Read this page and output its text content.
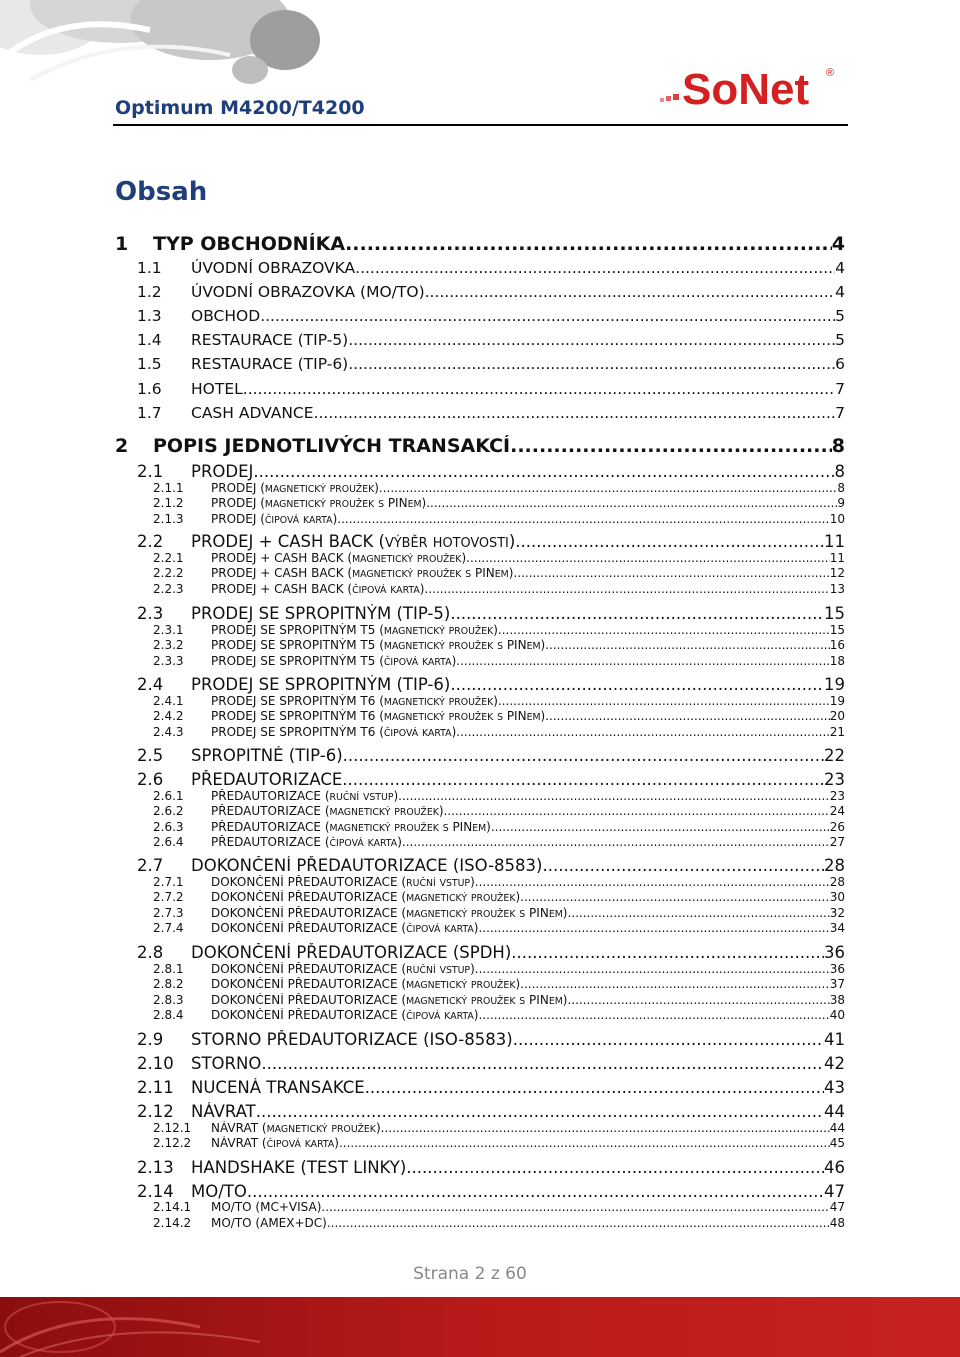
Optimum M4200/T4200	SoNet ®
Obsah
1	TYP OBCHODNÍKA .....	4
1.1	ÚVODNÍ OBRAZOVKA .....	4
1.2	ÚVODNÍ OBRAZOVKA (MO/TO) .....	4
1.3	OBCHOD .....	5
1.4	RESTAURACE (TIP-5) .....	5
1.5	RESTAURACE (TIP-6) .....	6
1.6	HOTEL .....	7
1.7	CASH ADVANCE .....	7
2	POPIS JEDNOTLIVÝCH TRANSAKCÍ .....	8
2.1	PRODEJ .....	8
2.1.1	PRODEJ (MAGNETICKÝ PROUŽEK) .....	8
2.1.2	PRODEJ (MAGNETICKÝ PROUŽEK S PINEM) .....	9
2.1.3	PRODEJ (ČIPOVÁ KARTA) .....	10
2.2	PRODEJ + CASH BACK (VÝBĚR HOTOVOSTI) .....	11
2.2.1	PRODEJ + CASH BACK (MAGNETICKÝ PROUŽEK) .....	11
2.2.2	PRODEJ + CASH BACK (MAGNETICKÝ PROUŽEK S PINEM) .....	12
2.2.3	PRODEJ + CASH BACK (ČIPOVÁ KARTA) .....	13
2.3	PRODEJ SE SPROPITNÝM (TIP-5) .....	15
2.3.1	PRODEJ SE SPROPITNÝM T5 (MAGNETICKÝ PROUŽEK) .....	15
2.3.2	PRODEJ SE SPROPITNÝM T5 (MAGNETICKÝ PROUŽEK S PINEM) .....	16
2.3.3	PRODEJ SE SPROPITNÝM T5 (ČIPOVÁ KARTA) .....	18
2.4	PRODEJ SE SPROPITNÝM (TIP-6) .....	19
2.4.1	PRODEJ SE SPROPITNÝM T6 (MAGNETICKÝ PROUŽEK) .....	19
2.4.2	PRODEJ SE SPROPITNÝM T6 (MAGNETICKÝ PROUŽEK S PINEM) .....	20
2.4.3	PRODEJ SE SPROPITNÝM T6 (ČIPOVÁ KARTA) .....	21
2.5	SPROPITNÉ (TIP-6) .....	22
2.6	PŘEDAUTORIZACE .....	23
2.6.1	PŘEDAUTORIZACE (RUČNÍ VSTUP) .....	23
2.6.2	PŘEDAUTORIZACE (MAGNETICKÝ PROUŽEK) .....	24
2.6.3	PŘEDAUTORIZACE (MAGNETICKÝ PROUŽEK S PINEM) .....	26
2.6.4	PŘEDAUTORIZACE (ČIPOVÁ KARTA) .....	27
2.7	DOKONČENÍ PŘEDAUTORIZACE (ISO-8583) .....	28
2.7.1	DOKONČENÍ PŘEDAUTORIZACE (RUČNÍ VSTUP) .....	28
2.7.2	DOKONČENÍ PŘEDAUTORIZACE (MAGNETICKÝ PROUŽEK) .....	30
2.7.3	DOKONČENÍ PŘEDAUTORIZACE (MAGNETICKÝ PROUŽEK S PINEM) .....	32
2.7.4	DOKONČENÍ PŘEDAUTORIZACE (ČIPOVÁ KARTA) .....	34
2.8	DOKONČENÍ PŘEDAUTORIZACE (SPDH) .....	36
2.8.1	DOKONČENÍ PŘEDAUTORIZACE (RUČNÍ VSTUP) .....	36
2.8.2	DOKONČENÍ PŘEDAUTORIZACE (MAGNETICKÝ PROUŽEK) .....	37
2.8.3	DOKONČENÍ PŘEDAUTORIZACE (MAGNETICKÝ PROUŽEK S PINEM) .....	38
2.8.4	DOKONČENÍ PŘEDAUTORIZACE (ČIPOVÁ KARTA) .....	40
2.9	STORNO PŘEDAUTORIZACE (ISO-8583) .....	41
2.10	STORNO .....	42
2.11	NUCENÁ TRANSAKCE .....	43
2.12	NÁVRAT .....	44
2.12.1	NÁVRAT (MAGNETICKÝ PROUŽEK) .....	44
2.12.2	NÁVRAT (ČIPOVÁ KARTA) .....	45
2.13	HANDSHAKE (TEST LINKY) .....	46
2.14	MO/TO .....	47
2.14.1	MO/TO (MC+VISA) .....	47
2.14.2	MO/TO (AMEX+DC) .....	48
Strana 2 z 60
